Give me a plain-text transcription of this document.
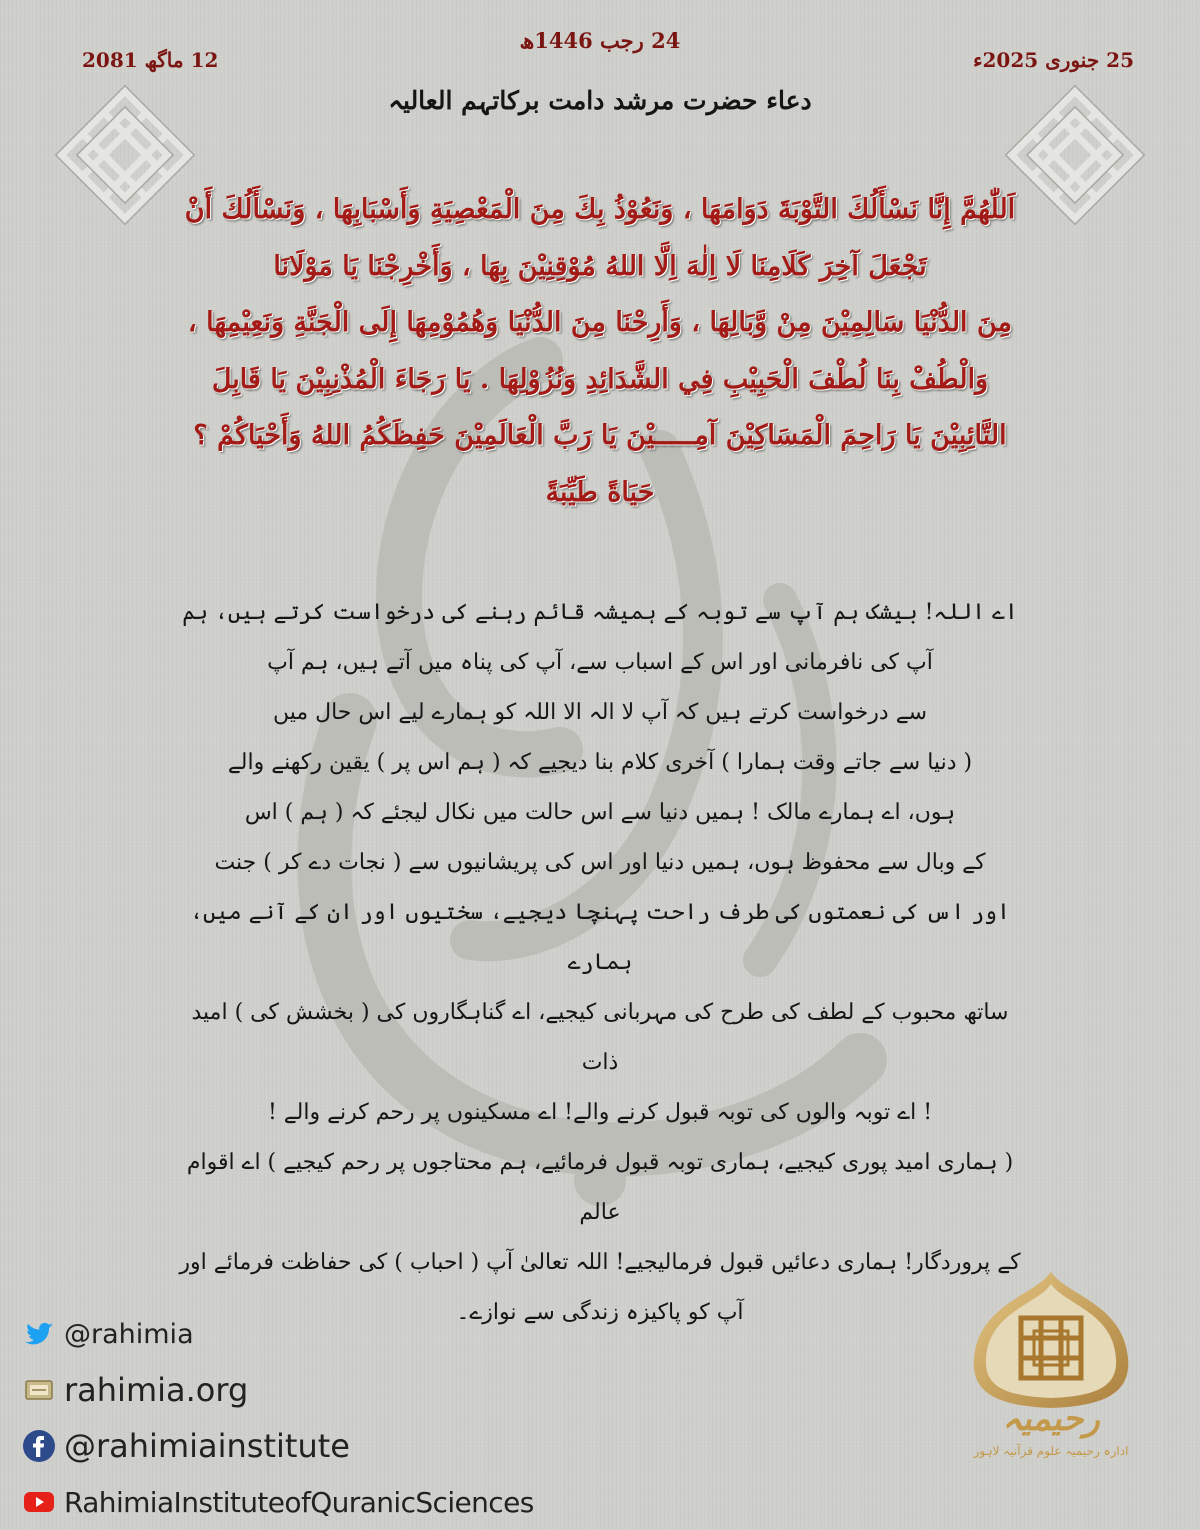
24 رجب 1446ھ
25 جنوری 2025ء
12 ماگھ 2081
دعاء حضرت مرشد دامت برکاتہم العالیہ
اَللّٰهُمَّ إِنَّا نَسْأَلُكَ التَّوْبَةَ دَوَامَهَا ، وَنَعُوْذُ بِكَ مِنَ الْمَعْصِيَةِ وَأَسْبَابِهَا ، وَنَسْأَلُكَ أَنْ
تَجْعَلَ آخِرَ كَلَامِنَا لَا اِلٰهَ اِلَّا اللهُ مُوْقِنِيْنَ بِهَا ، وَأَخْرِجْنَا يَا مَوْلَانَا
مِنَ الدُّنْيَا سَالِمِيْنَ مِنْ وَّبَالِهَا ، وَأَرِحْنَا مِنَ الدُّنْيَا وَهُمُوْمِهَا إِلَى الْجَنَّةِ وَنَعِيْمِهَا ،
وَالْطُفْ بِنَا لُطْفَ الْحَبِيْبِ فِي الشَّدَائِدِ وَنُزُوْلِهَا . يَا رَجَاءَ الْمُذْنِبِيْنَ يَا قَابِلَ
التَّائِبِيْنَ يَا رَاحِمَ الْمَسَاكِيْنَ آمِـــــيْنَ يَا رَبَّ الْعَالَمِيْنَ حَفِظَكُمُ اللهُ وَأَحْيَاكُمْ ؟
حَيَاةً طَيِّبَةً
اے اللہ! بیشک ہم آپ سے توبہ کے ہمیشہ قائم رہنے کی درخواست کرتے ہیں، ہم
آپ کی نافرمانی اور اس کے اسباب سے، آپ کی پناہ میں آتے ہیں، ہم آپ
سے درخواست کرتے ہیں کہ آپ لا الہ الا اللہ کو ہمارے لیے اس حال میں
( دنیا سے جاتے وقت ہمارا ) آخری کلام بنا دیجیے کہ ( ہم اس پر ) یقین رکھنے والے
ہوں، اے ہمارے مالک ! ہمیں دنیا سے اس حالت میں نکال لیجئے کہ ( ہم ) اس
کے وبال سے محفوظ ہوں، ہمیں دنیا اور اس کی پریشانیوں سے ( نجات دے کر ) جنت
اور اس کی نعمتوں کی طرف راحت پہنچا دیجیے، سختیوں اور ان کے آنے میں، ہمارے
ساتھ محبوب کے لطف کی طرح کی مہربانی کیجیے، اے گناہگاروں کی ( بخشش کی ) امید ذات
! اے توبہ والوں کی توبہ قبول کرنے والے! اے مسکینوں پر رحم کرنے والے !
( ہماری امید پوری کیجیے، ہماری توبہ قبول فرمائیے، ہم محتاجوں پر رحم کیجیے ) اے اقوام عالم
کے پروردگار! ہماری دعائیں قبول فرمالیجیے! اللہ تعالیٰ آپ ( احباب ) کی حفاظت فرمائے اور
آپ کو پاکیزہ زندگی سے نوازے۔
@rahimia
rahimia.org
@rahimiainstitute
RahimiaInstituteofQuranicSciences
رحیمیہ
ادارہ رحیمیہ علوم قرآنیہ لاہور
